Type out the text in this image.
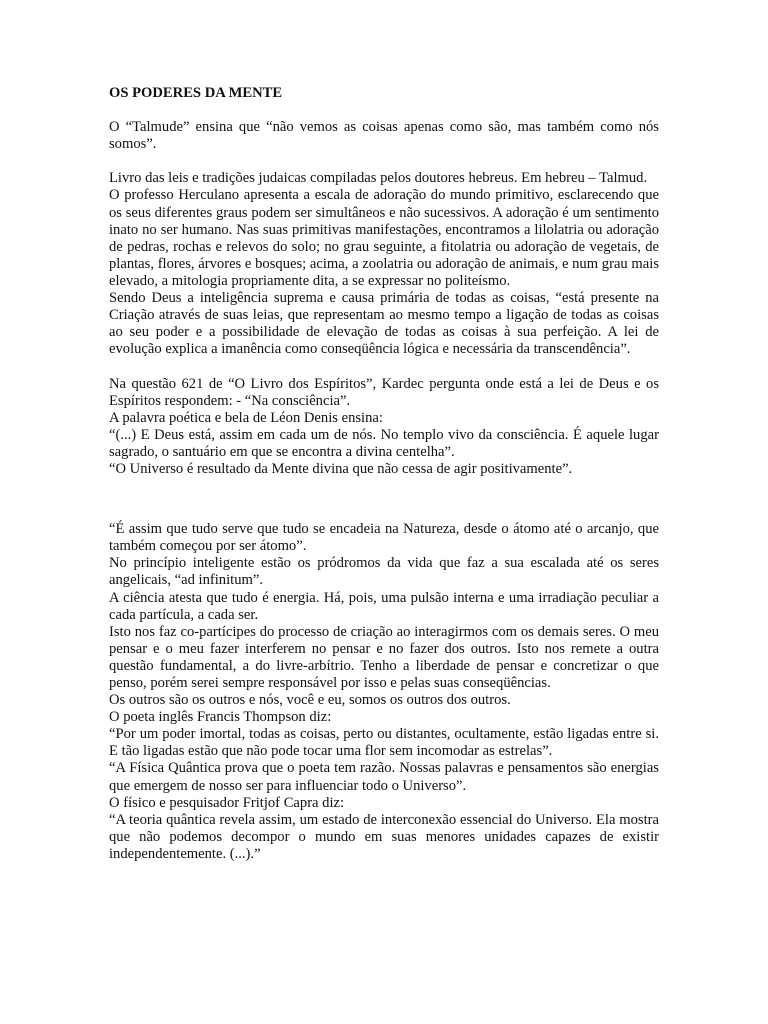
OS PODERES DA MENTE

O “Talmude” ensina que “não vemos as coisas apenas como são, mas também como nós somos”.

Livro das leis e tradições judaicas compiladas pelos doutores hebreus. Em hebreu – Talmud.

O professo Herculano apresenta a escala de adoração do mundo primitivo, esclarecendo que os seus diferentes graus podem ser simultâneos e não sucessivos. A adoração é um sentimento inato no ser humano. Nas suas primitivas manifestações, encontramos a lilolatria ou adoração de pedras, rochas e relevos do solo; no grau seguinte, a fitolatria ou adoração de vegetais, de plantas, flores, árvores e bosques; acima, a zoolatria ou adoração de animais, e num grau mais elevado, a mitologia propriamente dita, a se expressar no politeísmo.

Sendo Deus a inteligência suprema e causa primária de todas as coisas, “está presente na Criação através de suas leias, que representam ao mesmo tempo a ligação de todas as coisas ao seu poder e a possibilidade de elevação de todas as coisas à sua perfeição. A lei de evolução explica a imanência como conseqüência lógica e necessária da transcendência”.

Na questão 621 de “O Livro dos Espíritos”, Kardec pergunta onde está a lei de Deus e os Espíritos respondem: - “Na consciência”.

A palavra poética e bela de Léon Denis ensina:

“(...) E Deus está, assim em cada um de nós. No templo vivo da consciência. É aquele lugar sagrado, o santuário em que se encontra a divina centelha”.

“O Universo é resultado da Mente divina que não cessa de agir positivamente”.

“É assim que tudo serve que tudo se encadeia na Natureza, desde o átomo até o arcanjo, que também começou por ser átomo”.

No princípio inteligente estão os pródromos da vida que faz a sua escalada até os seres angelicais, “ad infinitum”.

A ciência atesta que tudo é energia. Há, pois, uma pulsão interna e uma irradiação peculiar a cada partícula, a cada ser.

Isto nos faz co-partícipes do processo de criação ao interagirmos com os demais seres. O meu pensar e o meu fazer interferem no pensar e no fazer dos outros. Isto nos remete a outra questão fundamental, a do livre-arbítrio. Tenho a liberdade de pensar e concretizar o que penso, porém serei sempre responsável por isso e pelas suas conseqüências.

Os outros são os outros e nós, você e eu, somos os outros dos outros.

O poeta inglês Francis Thompson diz:

“Por um poder imortal, todas as coisas, perto ou distantes, ocultamente, estão ligadas entre si. E tão ligadas estão que não pode tocar uma flor sem incomodar as estrelas”.

“A Física Quântica prova que o poeta tem razão. Nossas palavras e pensamentos são energias que emergem de nosso ser para influenciar todo o Universo”.

O físico e pesquisador Fritjof Capra diz:

“A teoria quântica revela assim, um estado de interconexão essencial do Universo. Ela mostra que não podemos decompor o mundo em suas menores unidades capazes de existir independentemente. (...).”
